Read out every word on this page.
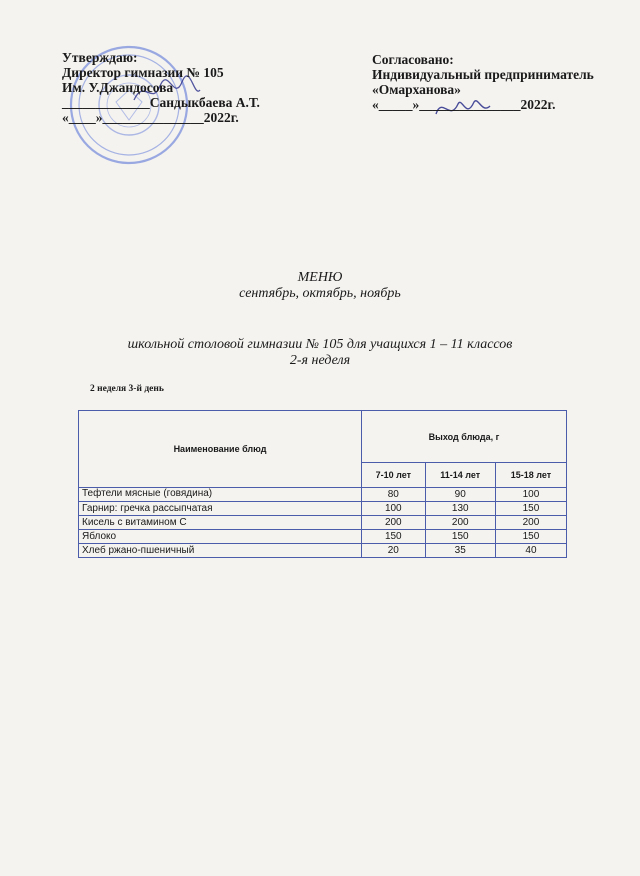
Утверждаю:
Директор гимназии № 105
Им. У.Джандосова
_____________Сандыкбаева А.Т.
«____»_______________2022г.
Согласовано:
Индивидуальный предприниматель
«Омарханова»
«_____»_______________2022г.
МЕНЮ
сентябрь, октябрь, ноябрь
школьной столовой гимназии № 105 для учащихся 1 – 11 классов
2-я неделя
2 неделя 3-й день
Наименование блюд	Выход блюда, г		
	7-10 лет	11-14 лет	15-18 лет
Тефтели мясные (говядина)	80	90	100
Гарнир: гречка рассыпчатая	100	130	150
Кисель с витамином С	200	200	200
Яблоко	150	150	150
Хлеб ржано-пшеничный	20	35	40
